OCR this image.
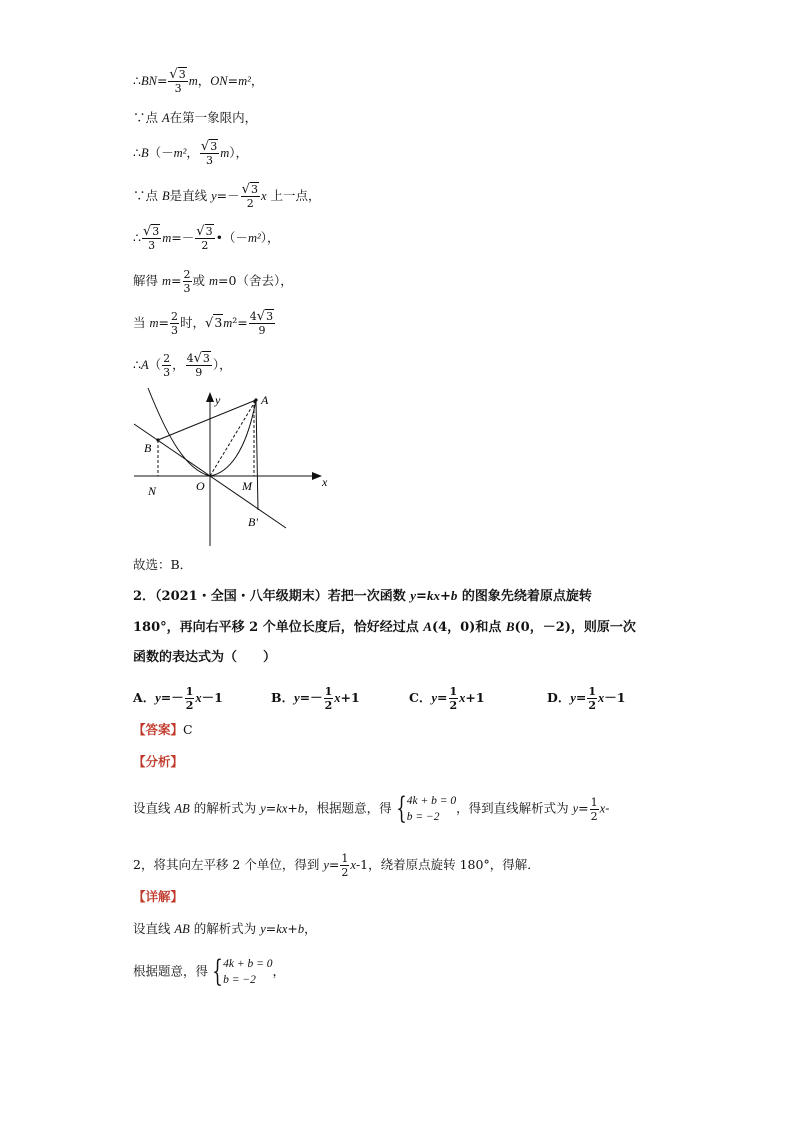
∴BN= $\frac{√3}{3}$ m，ON=m²，
∵点 A在第一象限内，
∴B（－m²， $\frac{√3}{3} m$），
∵点 B是直线 $y=- \frac{√3}{2}$ x 上一点，
∴ $\frac{√3}{3} m=- \frac{√3}{2}$ •（－m²），
解得 $m= \frac{2}{3}$ 或 m=0（舍去），
当 $m= \frac{2}{3}$ 时，$√3m^2= \frac{4√3}{9}$
∴A（ $\frac{2}{3}$ ， $\frac{4√3}{9}$ ），
y
x
A
B
O	M
N
B'
故选：B．
2．（2021・全国・八年级期末）若把一次函数 y=kx+b 的图象先绕着原点旋转
180°，再向右平移 2 个单位长度后，恰好经过点 A(4，0)和点 B(0，－2)，则原一次
函数的表达式为（　　）
A．$y=- \frac{1}{2} x-1$	B．$y=- \frac{1}{2} x+1$	C．$y= \frac{1}{2} x+1$	D．$y= \frac{1}{2} x-1$
【答案】C
【分析】
设直线 AB 的解析式为 y=kx+b，根据题意，得 { 4k + b = 0
b = −2
，得到直线解析式为 $y= \frac{1}{2} x-$
2，将其向左平移 2 个单位，得到 $y= \frac{1}{2} x-1$，绕着原点旋转 180°，得解．
【详解】
设直线 AB 的解析式为 y=kx+b，
根据题意，得 { 4k + b = 0
b = −2
，
